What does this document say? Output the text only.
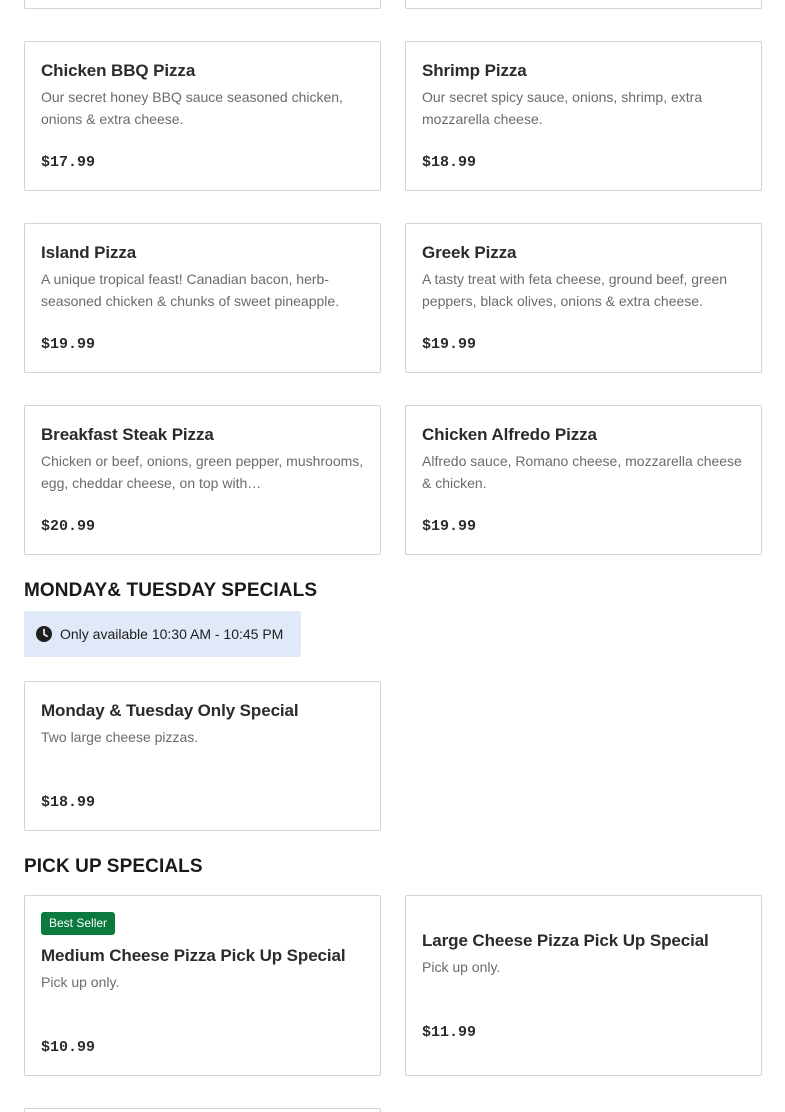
Chicken BBQ Pizza
Our secret honey BBQ sauce seasoned chicken, onions & extra cheese.
$17.99
Shrimp Pizza
Our secret spicy sauce, onions, shrimp, extra mozzarella cheese.
$18.99
Island Pizza
A unique tropical feast! Canadian bacon, herb-seasoned chicken & chunks of sweet pineapple.
$19.99
Greek Pizza
A tasty treat with feta cheese, ground beef, green peppers, black olives, onions & extra cheese.
$19.99
Breakfast Steak Pizza
Chicken or beef, onions, green pepper, mushrooms, egg, cheddar cheese, on top with…
$20.99
Chicken Alfredo Pizza
Alfredo sauce, Romano cheese, mozzarella cheese & chicken.
$19.99
MONDAY& TUESDAY SPECIALS
Only available 10:30 AM - 10:45 PM
Monday & Tuesday Only Special
Two large cheese pizzas.
$18.99
PICK UP SPECIALS
Best Seller
Medium Cheese Pizza Pick Up Special
Pick up only.
$10.99
Large Cheese Pizza Pick Up Special
Pick up only.
$11.99
